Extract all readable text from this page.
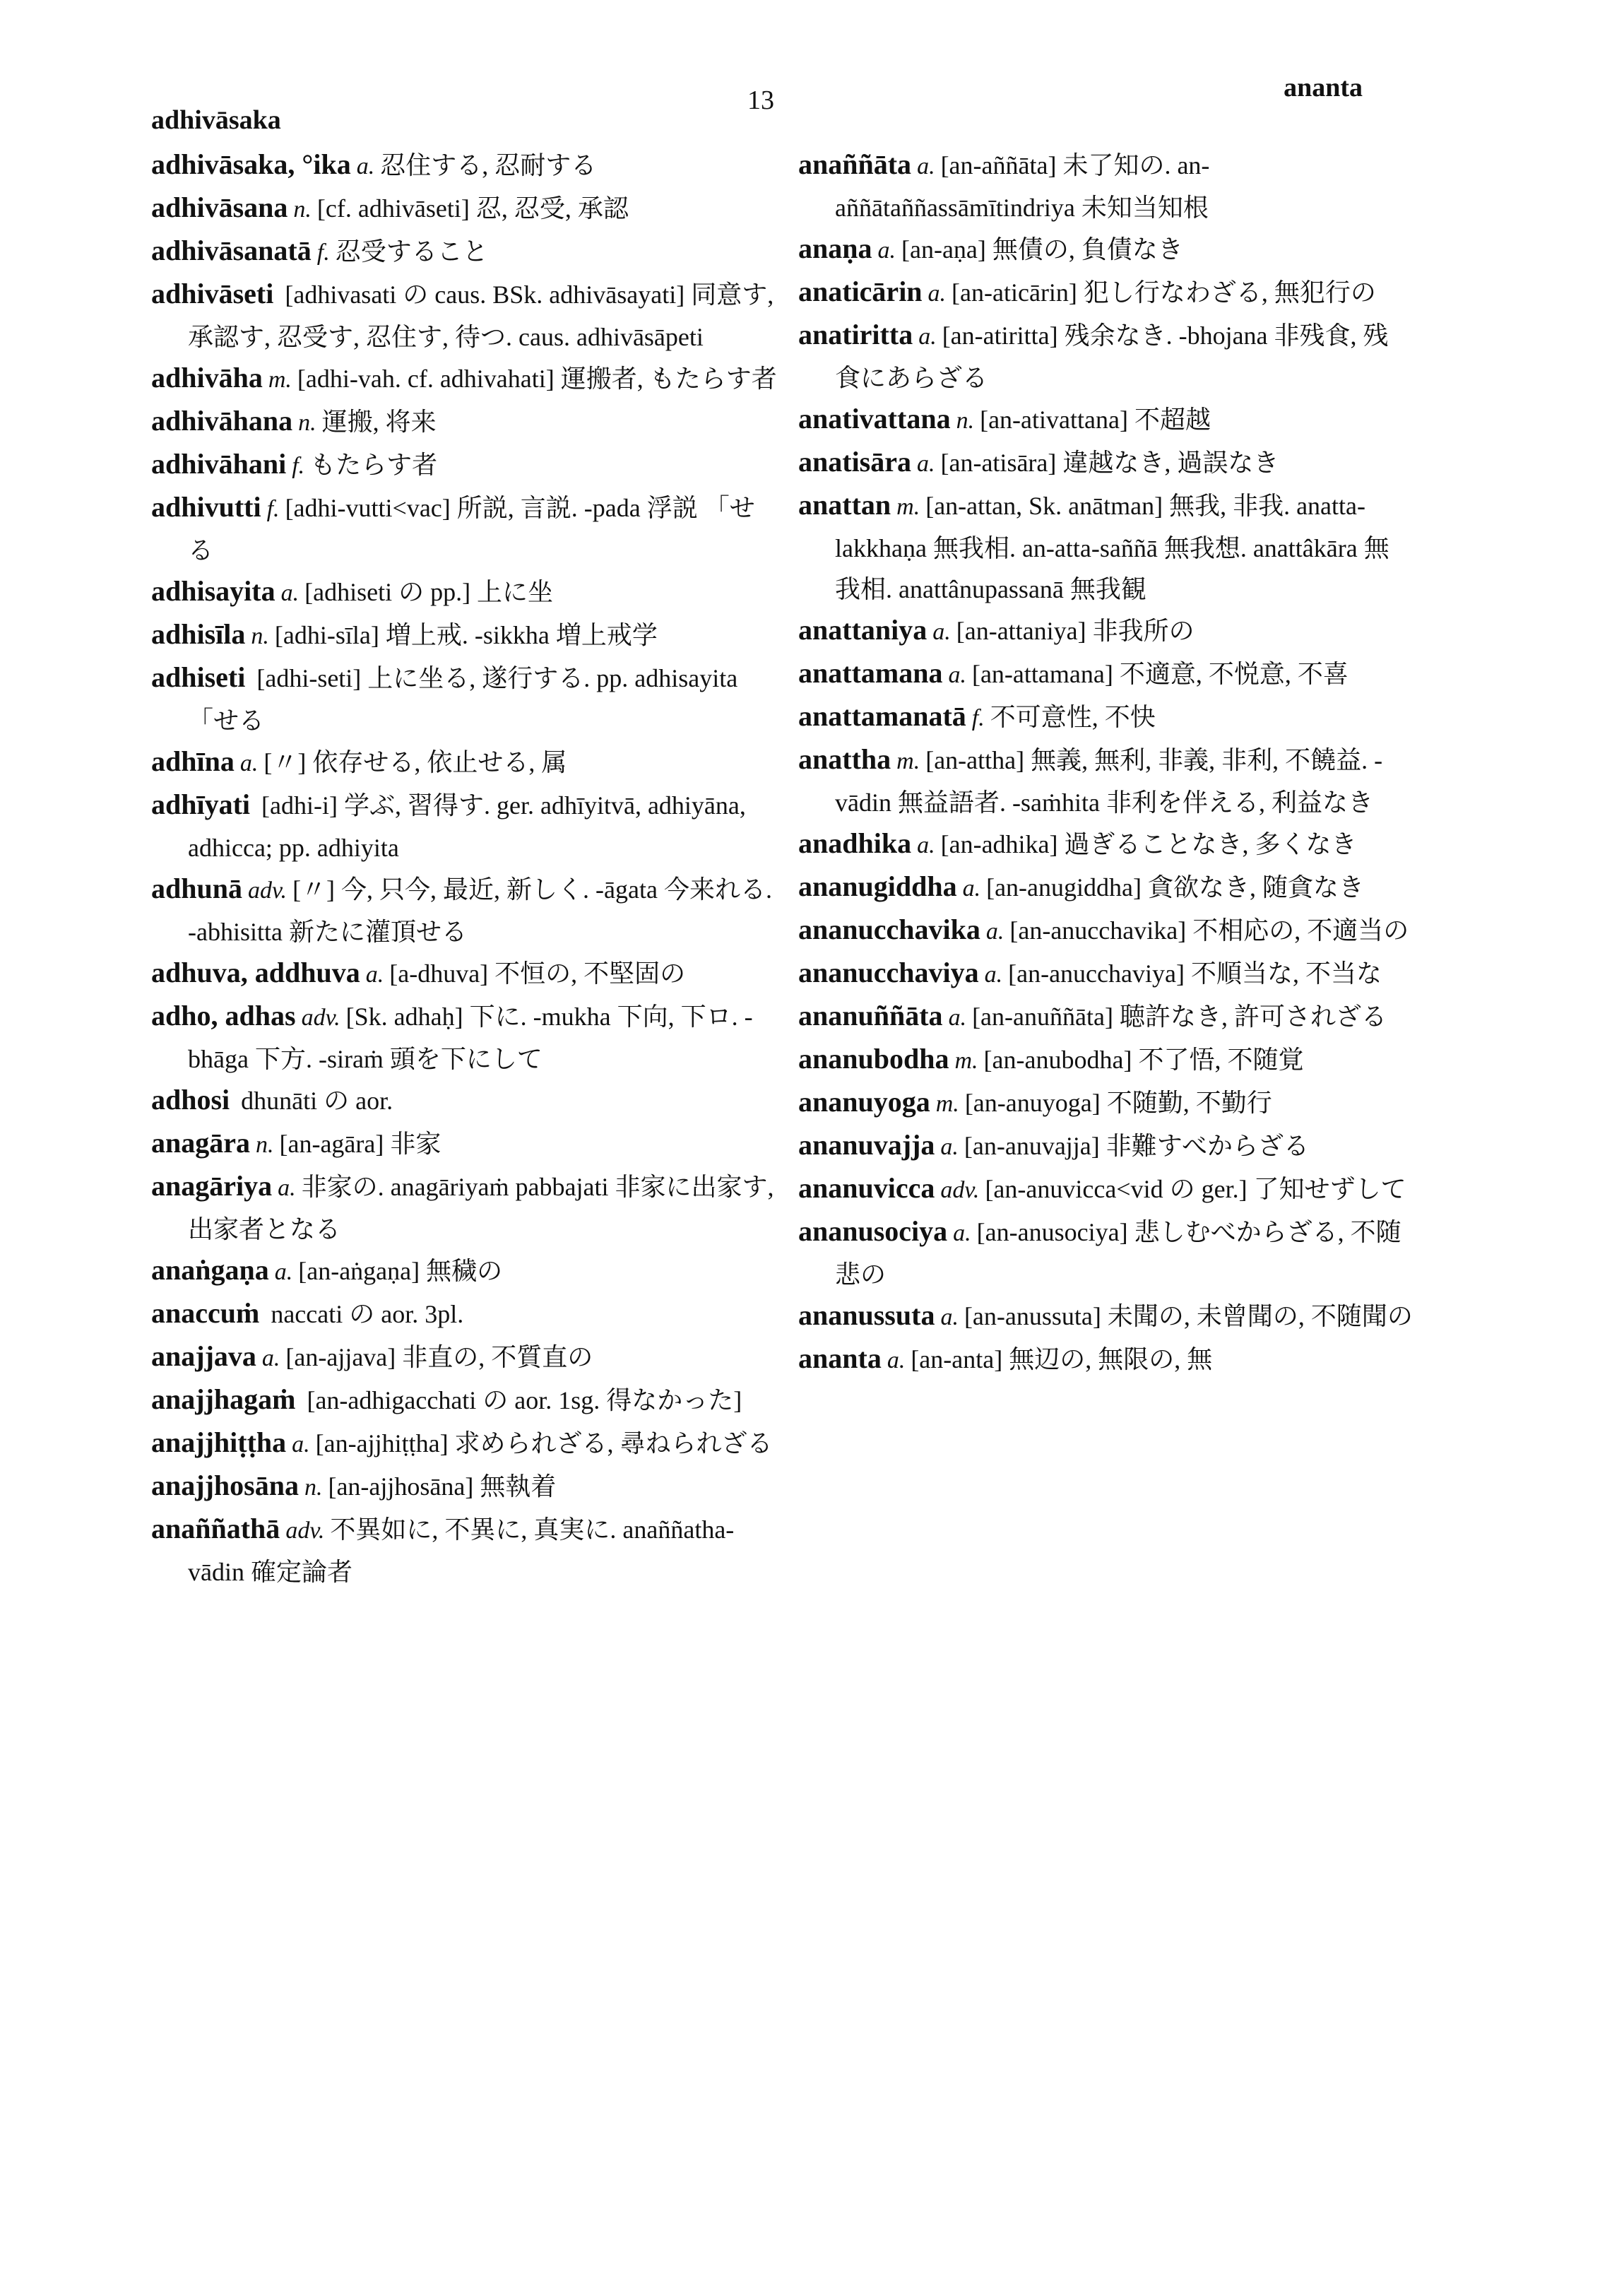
adhivāsaka
13	ananta

adhivāsaka, °ika a. 忍住する, 忍耐する

adhivāsana n. [cf. adhivāseti] 忍, 忍受, 承認

adhivāsanatā f. 忍受すること

adhivāseti [adhivasati の caus. BSk. adhivāsayati] 同意す, 承認す, 忍受す, 忍住す, 待つ. caus. adhivāsāpeti

adhivāha m. [adhi-vah. cf. adhivahati] 運搬者, もたらす者

adhivāhana n. 運搬, 将来

adhivāhani f. もたらす者

adhivutti f. [adhi-vutti<vac] 所説, 言説. -pada 浮説 「せる

adhisayita a. [adhiseti の pp.] 上に坐

adhisīla n. [adhi-sīla] 増上戒. -sikkha 増上戒学

adhiseti [adhi-seti] 上に坐る, 遂行する. pp. adhisayita 「せる

adhīna a. [〃] 依存せる, 依止せる, 属

adhīyati [adhi-i] 学ぶ, 習得す. ger. adhīyitvā, adhiyāna, adhicca; pp. adhiyita

adhunā adv. [〃] 今, 只今, 最近, 新しく. -āgata 今来れる. -abhisitta 新たに灌頂せる

adhuva, addhuva a. [a-dhuva] 不恒の, 不堅固の

adho, adhas adv. [Sk. adhaḥ] 下に. -mukha 下向, 下ロ. -bhāga 下方. -siraṁ 頭を下にして

adhosi dhunāti の aor.

anagāra n. [an-agāra] 非家

anagāriya a. 非家の. anagāriyaṁ pabbajati 非家に出家す, 出家者となる

anaṅgaṇa a. [an-aṅgaṇa] 無穢の

anaccuṁ naccati の aor. 3pl.

anajjava a. [an-ajjava] 非直の, 不質直の

anajjhagaṁ [an-adhigacchati の aor. 1sg. 得なかった]

anajjhiṭṭha a. [an-ajjhiṭṭha] 求められざる, 尋ねられざる

anajjhosāna n. [an-ajjhosāna] 無執着

anaññathā adv. 不異如に, 不異に, 真実に. anaññatha-vādin 確定論者

anaññāta a. [an-aññāta] 未了知の. an-aññātaññassāmītindriya 未知当知根

anaṇa a. [an-aṇa] 無債の, 負債なき

anaticārin a. [an-aticārin] 犯し行なわざる, 無犯行の

anatiritta a. [an-atiritta] 残余なき. -bhojana 非残食, 残食にあらざる

anativattana n. [an-ativattana] 不超越

anatisāra a. [an-atisāra] 違越なき, 過誤なき

anattan m. [an-attan, Sk. anātman] 無我, 非我. anatta-lakkhaṇa 無我相. an-atta-saññā 無我想. anattâkāra 無我相. anattânupassanā 無我観

anattaniya a. [an-attaniya] 非我所の

anattamana a. [an-attamana] 不適意, 不悦意, 不喜

anattamanatā f. 不可意性, 不快

anattha m. [an-attha] 無義, 無利, 非義, 非利, 不饒益. -vādin 無益語者. -saṁhita 非利を伴える, 利益なき

anadhika a. [an-adhika] 過ぎることなき, 多くなき

ananugiddha a. [an-anugiddha] 貪欲なき, 随貪なき

ananucchavika a. [an-anucchavika] 不相応の, 不適当の

ananucchaviya a. [an-anucchaviya] 不順当な, 不当な

ananuññāta a. [an-anuññāta] 聴許なき, 許可されざる

ananubodha m. [an-anubodha] 不了悟, 不随覚

ananuyoga m. [an-anuyoga] 不随勤, 不勤行

ananuvajja a. [an-anuvajja] 非難すべからざる

ananuvicca adv. [an-anuvicca<vid の ger.] 了知せずして

ananusociya a. [an-anusociya] 悲しむべからざる, 不随悲の

ananussuta a. [an-anussuta] 未聞の, 未曾聞の, 不随聞の

ananta a. [an-anta] 無辺の, 無限の, 無
